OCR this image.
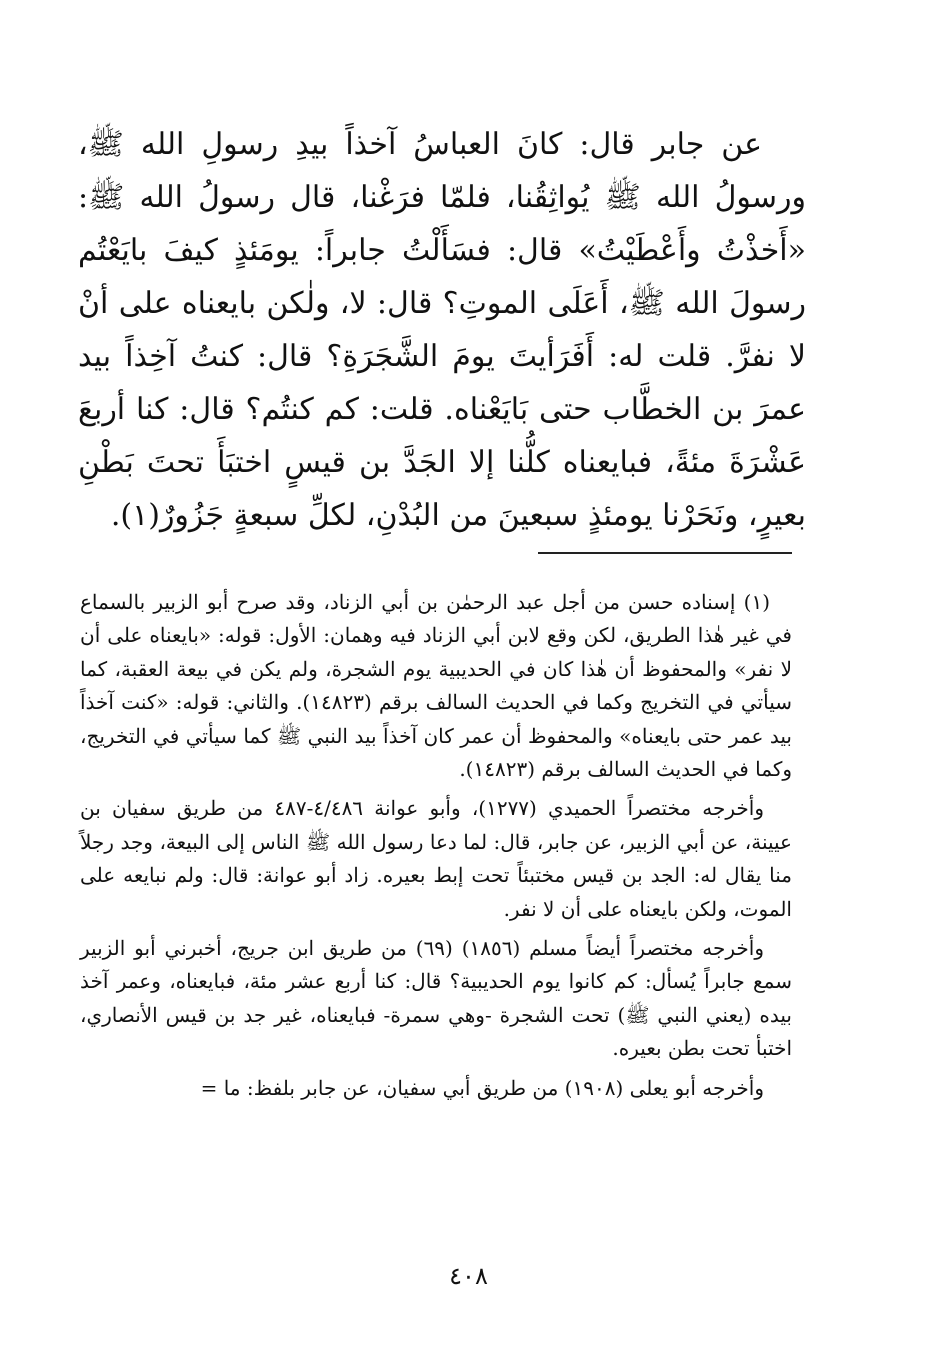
عن جابر قال: كانَ العباسُ آخذاً بيدِ رسولِ الله ﷺ، ورسولُ الله ﷺ يُواثِقُنا، فلمّا فرَغْنا، قال رسولُ الله ﷺ: «أَخذْتُ وأَعْطَيْتُ» قال: فسَأَلْتُ جابراً: يومَئذٍ كيفَ بايَعْتُم رسولَ الله ﷺ، أَعَلَى الموتِ؟ قال: لا، ولٰكن بايعناه على أنْ لا نفرَّ. قلت له: أَفَرَأيتَ يومَ الشَّجَرَةِ؟ قال: كنتُ آخِذاً بيد عمرَ بن الخطَّاب حتى بَايَعْناه. قلت: كم كنتُم؟ قال: كنا أربعَ عَشْرَةَ مئةً، فبايعناه كلُّنا إلا الجَدَّ بن قيسٍ اختبَأَ تحتَ بَطْنِ بعيرٍ، ونَحَرْنا يومئذٍ سبعينَ من البُدْنِ، لكلِّ سبعةٍ جَزُورٌ(١).

(١) إسناده حسن من أجل عبد الرحمٰن بن أبي الزناد، وقد صرح أبو الزبير بالسماع في غير هٰذا الطريق، لكن وقع لابن أبي الزناد فيه وهمان: الأول: قوله: «بايعناه على أن لا نفر» والمحفوظ أن هٰذا كان في الحديبية يوم الشجرة، ولم يكن في بيعة العقبة، كما سيأتي في التخريج وكما في الحديث السالف برقم (١٤٨٢٣). والثاني: قوله: «كنت آخذاً بيد عمر حتى بايعناه» والمحفوظ أن عمر كان آخذاً بيد النبي ﷺ كما سيأتي في التخريج، وكما في الحديث السالف برقم (١٤٨٢٣).

وأخرجه مختصراً الحميدي (١٢٧٧)، وأبو عوانة ٤/٤٨٦-٤٨٧ من طريق سفيان بن عيينة، عن أبي الزبير، عن جابر، قال: لما دعا رسول الله ﷺ الناس إلى البيعة، وجد رجلاً منا يقال له: الجد بن قيس مختبئاً تحت إبط بعيره. زاد أبو عوانة: قال: ولم نبايعه على الموت، ولكن بايعناه على أن لا نفر.

وأخرجه مختصراً أيضاً مسلم (١٨٥٦) (٦٩) من طريق ابن جريج، أخبرني أبو الزبير سمع جابراً يُسأل: كم كانوا يوم الحديبية؟ قال: كنا أربع عشر مئة، فبايعناه، وعمر آخذ بيده (يعني النبي ﷺ) تحت الشجرة -وهي سمرة- فبايعناه، غير جد بن قيس الأنصاري، اختبأ تحت بطن بعيره.

وأخرجه أبو يعلى (١٩٠٨) من طريق أبي سفيان، عن جابر بلفظ: ما =

٤٠٨
